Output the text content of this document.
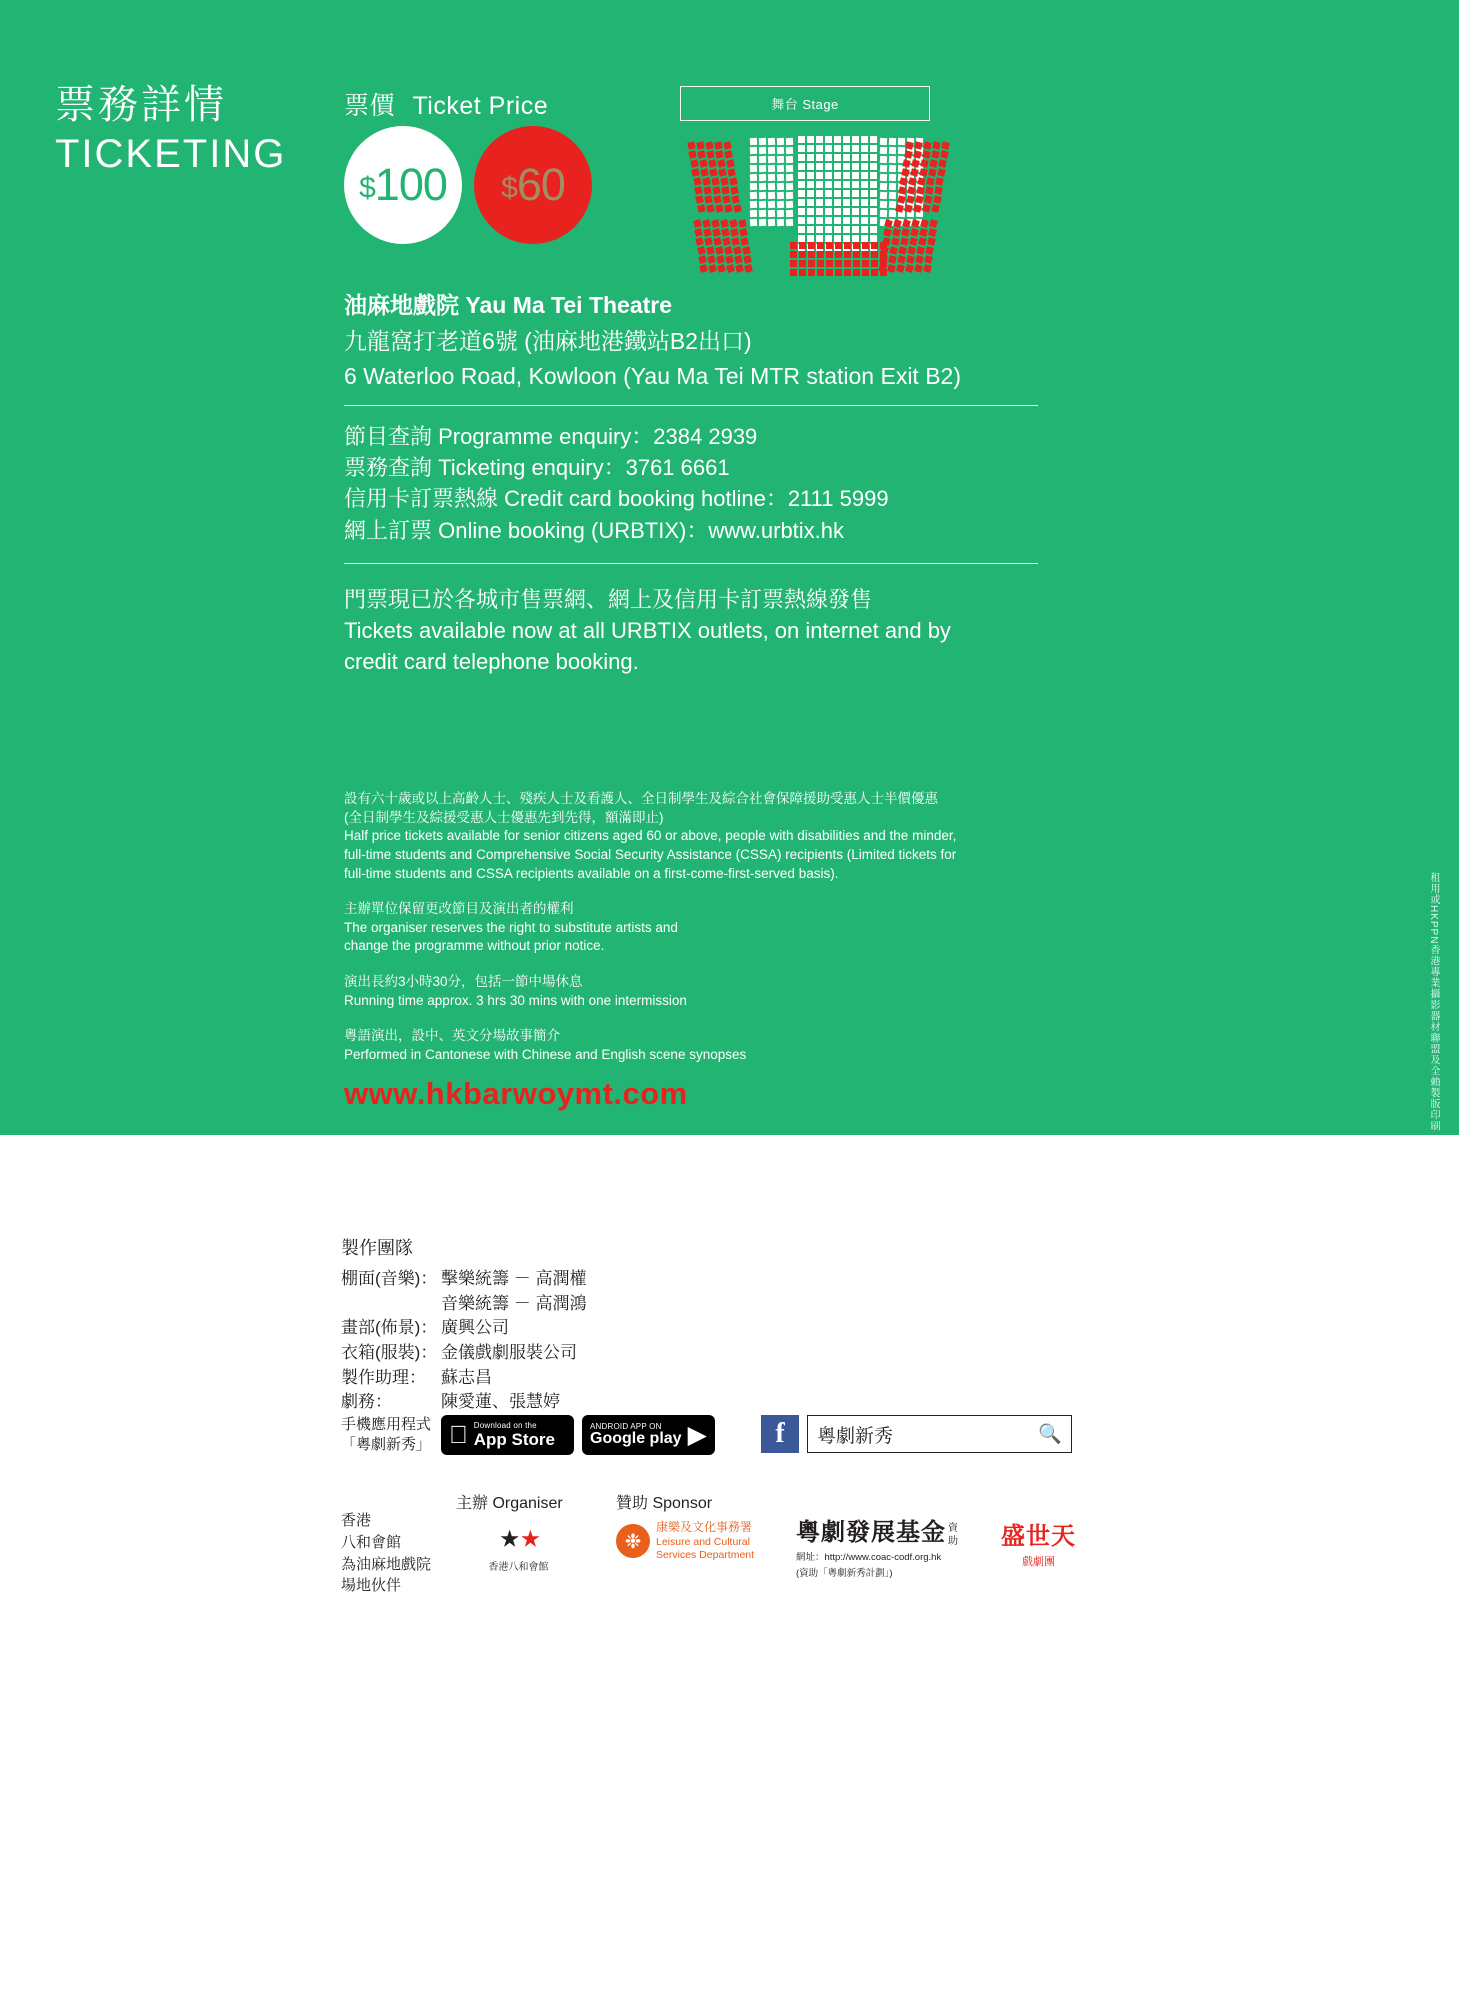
票務詳情
TICKETING
票價 Ticket Price
$100 $60
舞台 Stage
油麻地戲院 Yau Ma Tei Theatre
九龍窩打老道6號 (油麻地港鐵站B2出口)
6 Waterloo Road, Kowloon (Yau Ma Tei MTR station Exit B2)
節目查詢 Programme enquiry：2384 2939
票務查詢 Ticketing enquiry：3761 6661
信用卡訂票熱線 Credit card booking hotline：2111 5999
網上訂票 Online booking (URBTIX)：www.urbtix.hk
門票現已於各城市售票網、網上及信用卡訂票熱線發售
Tickets available now at all URBTIX outlets, on internet and by
credit card telephone booking.
設有六十歲或以上高齡人士、殘疾人士及看護人、全日制學生及綜合社會保障援助受惠人士半價優惠
(全日制學生及綜援受惠人士優惠先到先得，額滿即止)
Half price tickets available for senior citizens aged 60 or above, people with disabilities and the minder,
full-time students and Comprehensive Social Security Assistance (CSSA) recipients (Limited tickets for
full-time students and CSSA recipients available on a first-come-first-served basis).
主辦單位保留更改節目及演出者的權利
The organiser reserves the right to substitute artists and
change the programme without prior notice.
演出長約3小時30分，包括一節中場休息
Running time approx. 3 hrs 30 mins with one intermission
粵語演出，設中、英文分場故事簡介
Performed in Cantonese with Chinese and English scene synopses
www.hkbarwoymt.com	租用或HKPPN香港專業攝影器材聯盟及全賴製版印刷
製作團隊
棚面(音樂)： 擊樂統籌 － 高潤權
音樂統籌 － 高潤鴻
畫部(佈景)： 廣興公司
衣箱(服裝)： 金儀戲劇服裝公司
製作助理： 蘇志昌
劇務：	陳愛蓮、張慧婷
手機應用程式
「粵劇新秀」
Download on the
App Store
ANDROID APP ON
Google play ▶	f	粵劇新秀	🔍
主辦 Organiser	贊助 Sponsor
香港
八和會館
為油麻地戲院
場地伙伴
⋆⋆
香港八和會館
❉
康樂及文化事務署
Leisure and Cultural
Services Department
粵劇發展基金
網址：http://www.coac-codf.org.hk
(資助「粵劇新秀計劃」)
資助 盛世天
戲劇團
